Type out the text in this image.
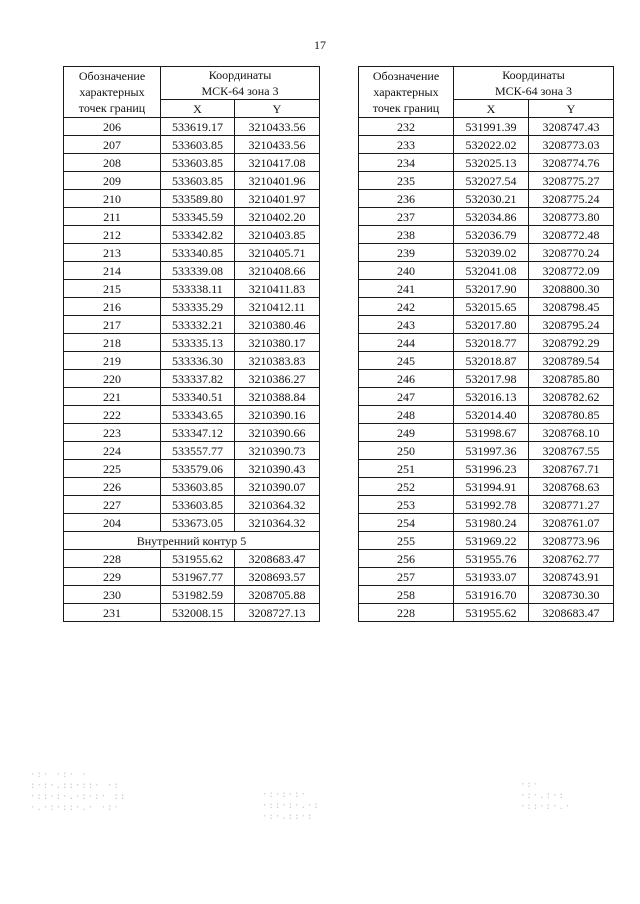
17
Обозначение
характерных
точек границ	Координаты
МСК-64 зона 3	
	X	Y
206	533619.17	3210433.56
207	533603.85	3210433.56
208	533603.85	3210417.08
209	533603.85	3210401.96
210	533589.80	3210401.97
211	533345.59	3210402.20
212	533342.82	3210403.85
213	533340.85	3210405.71
214	533339.08	3210408.66
215	533338.11	3210411.83
216	533335.29	3210412.11
217	533332.21	3210380.46
218	533335.13	3210380.17
219	533336.30	3210383.83
220	533337.82	3210386.27
221	533340.51	3210388.84
222	533343.65	3210390.16
223	533347.12	3210390.66
224	533557.77	3210390.73
225	533579.06	3210390.43
226	533603.85	3210390.07
227	533603.85	3210364.32
204	533673.05	3210364.32
Внутренний контур 5		
228	531955.62	3208683.47
229	531967.77	3208693.57
230	531982.59	3208705.88
231	532008.15	3208727.13
Обозначение
характерных
точек границ	Координаты
МСК-64 зона 3	
	X	Y
232	531991.39	3208747.43
233	532022.02	3208773.03
234	532025.13	3208774.76
235	532027.54	3208775.27
236	532030.21	3208775.24
237	532034.86	3208773.80
238	532036.79	3208772.48
239	532039.02	3208770.24
240	532041.08	3208772.09
241	532017.90	3208800.30
242	532015.65	3208798.45
243	532017.80	3208795.24
244	532018.77	3208792.29
245	532018.87	3208789.54
246	532017.98	3208785.80
247	532016.13	3208782.62
248	532014.40	3208780.85
249	531998.67	3208768.10
250	531997.36	3208767.55
251	531996.23	3208767.71
252	531994.91	3208768.63
253	531992.78	3208771.27
254	531980.24	3208761.07
255	531969.22	3208773.96
256	531955.76	3208762.77
257	531933.07	3208743.91
258	531916.70	3208730.30
228	531955.62	3208683.47
·:· ·:· ·
:·:·.::·::· ·:
·::·:·.·:·:· ::
·.·:·::·.· ·:·
·:·:·:·
·::·:·.·:
·:·.::·:
·:·
·:·.:·:
·::·:·.·
